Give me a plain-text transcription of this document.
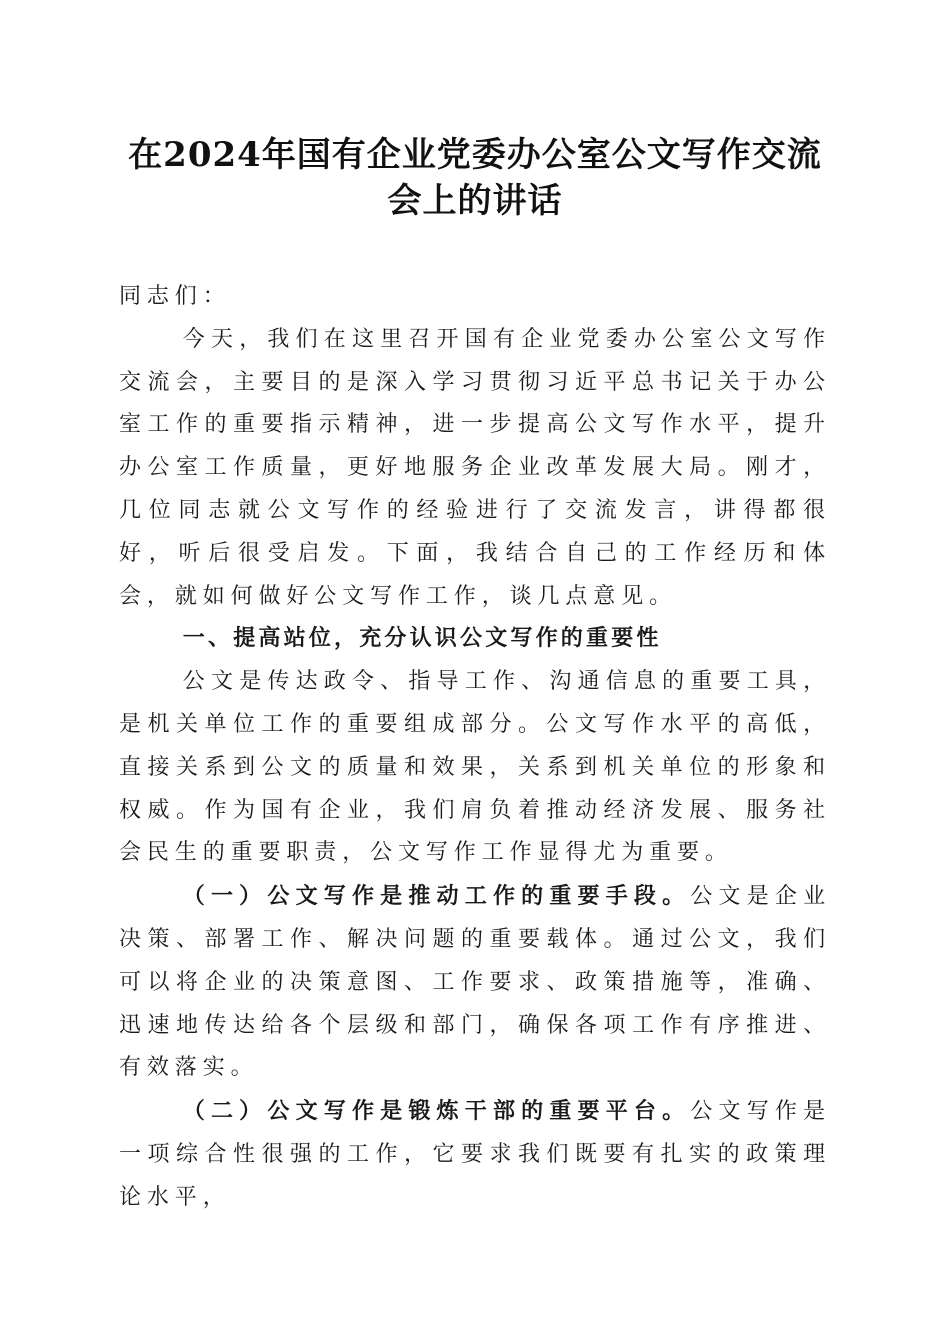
在2024年国有企业党委办公室公文写作交流
会上的讲话

同志们：

今天，我们在这里召开国有企业党委办公室公文写作交流会，主要目的是深入学习贯彻习近平总书记关于办公室工作的重要指示精神，进一步提高公文写作水平，提升办公室工作质量，更好地服务企业改革发展大局。刚才，几位同志就公文写作的经验进行了交流发言，讲得都很好，听后很受启发。下面，我结合自己的工作经历和体会，就如何做好公文写作工作，谈几点意见。

一、提高站位，充分认识公文写作的重要性

公文是传达政令、指导工作、沟通信息的重要工具，是机关单位工作的重要组成部分。公文写作水平的高低，直接关系到公文的质量和效果，关系到机关单位的形象和权威。作为国有企业，我们肩负着推动经济发展、服务社会民生的重要职责，公文写作工作显得尤为重要。

（一）公文写作是推动工作的重要手段。公文是企业决策、部署工作、解决问题的重要载体。通过公文，我们可以将企业的决策意图、工作要求、政策措施等，准确、迅速地传达给各个层级和部门，确保各项工作有序推进、有效落实。

（二）公文写作是锻炼干部的重要平台。公文写作是一项综合性很强的工作，它要求我们既要有扎实的政策理论水平，
